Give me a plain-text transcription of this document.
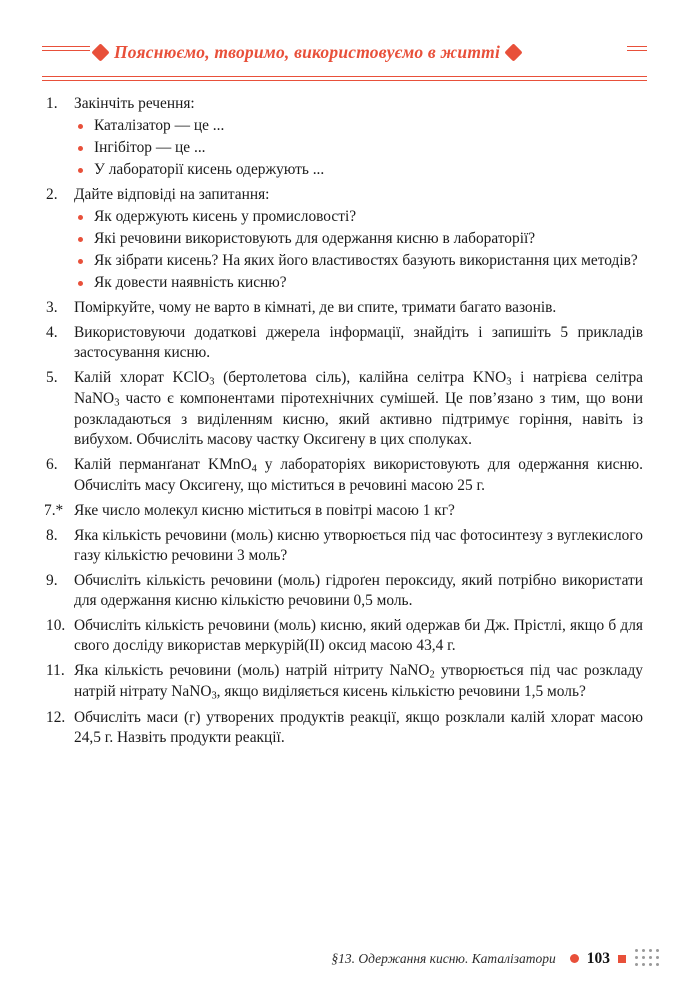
Пояснюємо, творимо, використовуємо в житті
1.	Закінчіть речення:
Каталізатор — це ...
Інгібітор — це ...
У лабораторії кисень одержують ...
2.	Дайте відповіді на запитання:
Як одержують кисень у промисловості?
Які речовини використовують для одержання кисню в лабораторії?
Як зібрати кисень? На яких його властивостях базують використання цих методів?
Як довести наявність кисню?
3.	Поміркуйте, чому не варто в кімнаті, де ви спите, тримати багато вазонів.
4.	Використовуючи додаткові джерела інформації, знайдіть і запишіть 5 прикладів застосування кисню.
5.	Калій хлорат KClO$_3$ (бертолетова сіль), калійна селітра $KNO_3$ і натрієва селітра NaNO$_3$ часто є компонентами піротехнічних сумішей. Це пов’язано з тим, що вони розкладаються з виділенням кисню, який активно підтримує горіння, навіть із вибухом. Обчисліть масову частку Оксигену в цих сполуках.
6.	Калій перманґанат KMnO$_4$ у лабораторіях використовують для одержання кисню. Обчисліть масу Оксигену, що міститься в речовині масою 25 г.
7.* Яке число молекул кисню міститься в повітрі масою 1 кг?
8.	Яка кількість речовини (моль) кисню утворюється під час фотосинтезу з вуглекислого газу кількістю речовини 3 моль?
9.	Обчисліть кількість речовини (моль) гідроґен пероксиду, який потрібно використати для одержання кисню кількістю речовини 0,5 моль.
10. Обчисліть кількість речовини (моль) кисню, який одержав би Дж. Прістлі, якщо б для свого досліду використав меркурій(II) оксид масою 43,4 г.
11. Яка кількість речовини (моль) натрій нітриту NaNO$_2$ утворюється під час розкладу натрій нітрату NaNO$_3$, якщо виділяється кисень кількістю речовини 1,5 моль?
12. Обчисліть маси (г) утворених продуктів реакції, якщо розклали калій хлорат масою 24,5 г. Назвіть продукти реакції.
§13. Одержання кисню. Каталізатори 103
